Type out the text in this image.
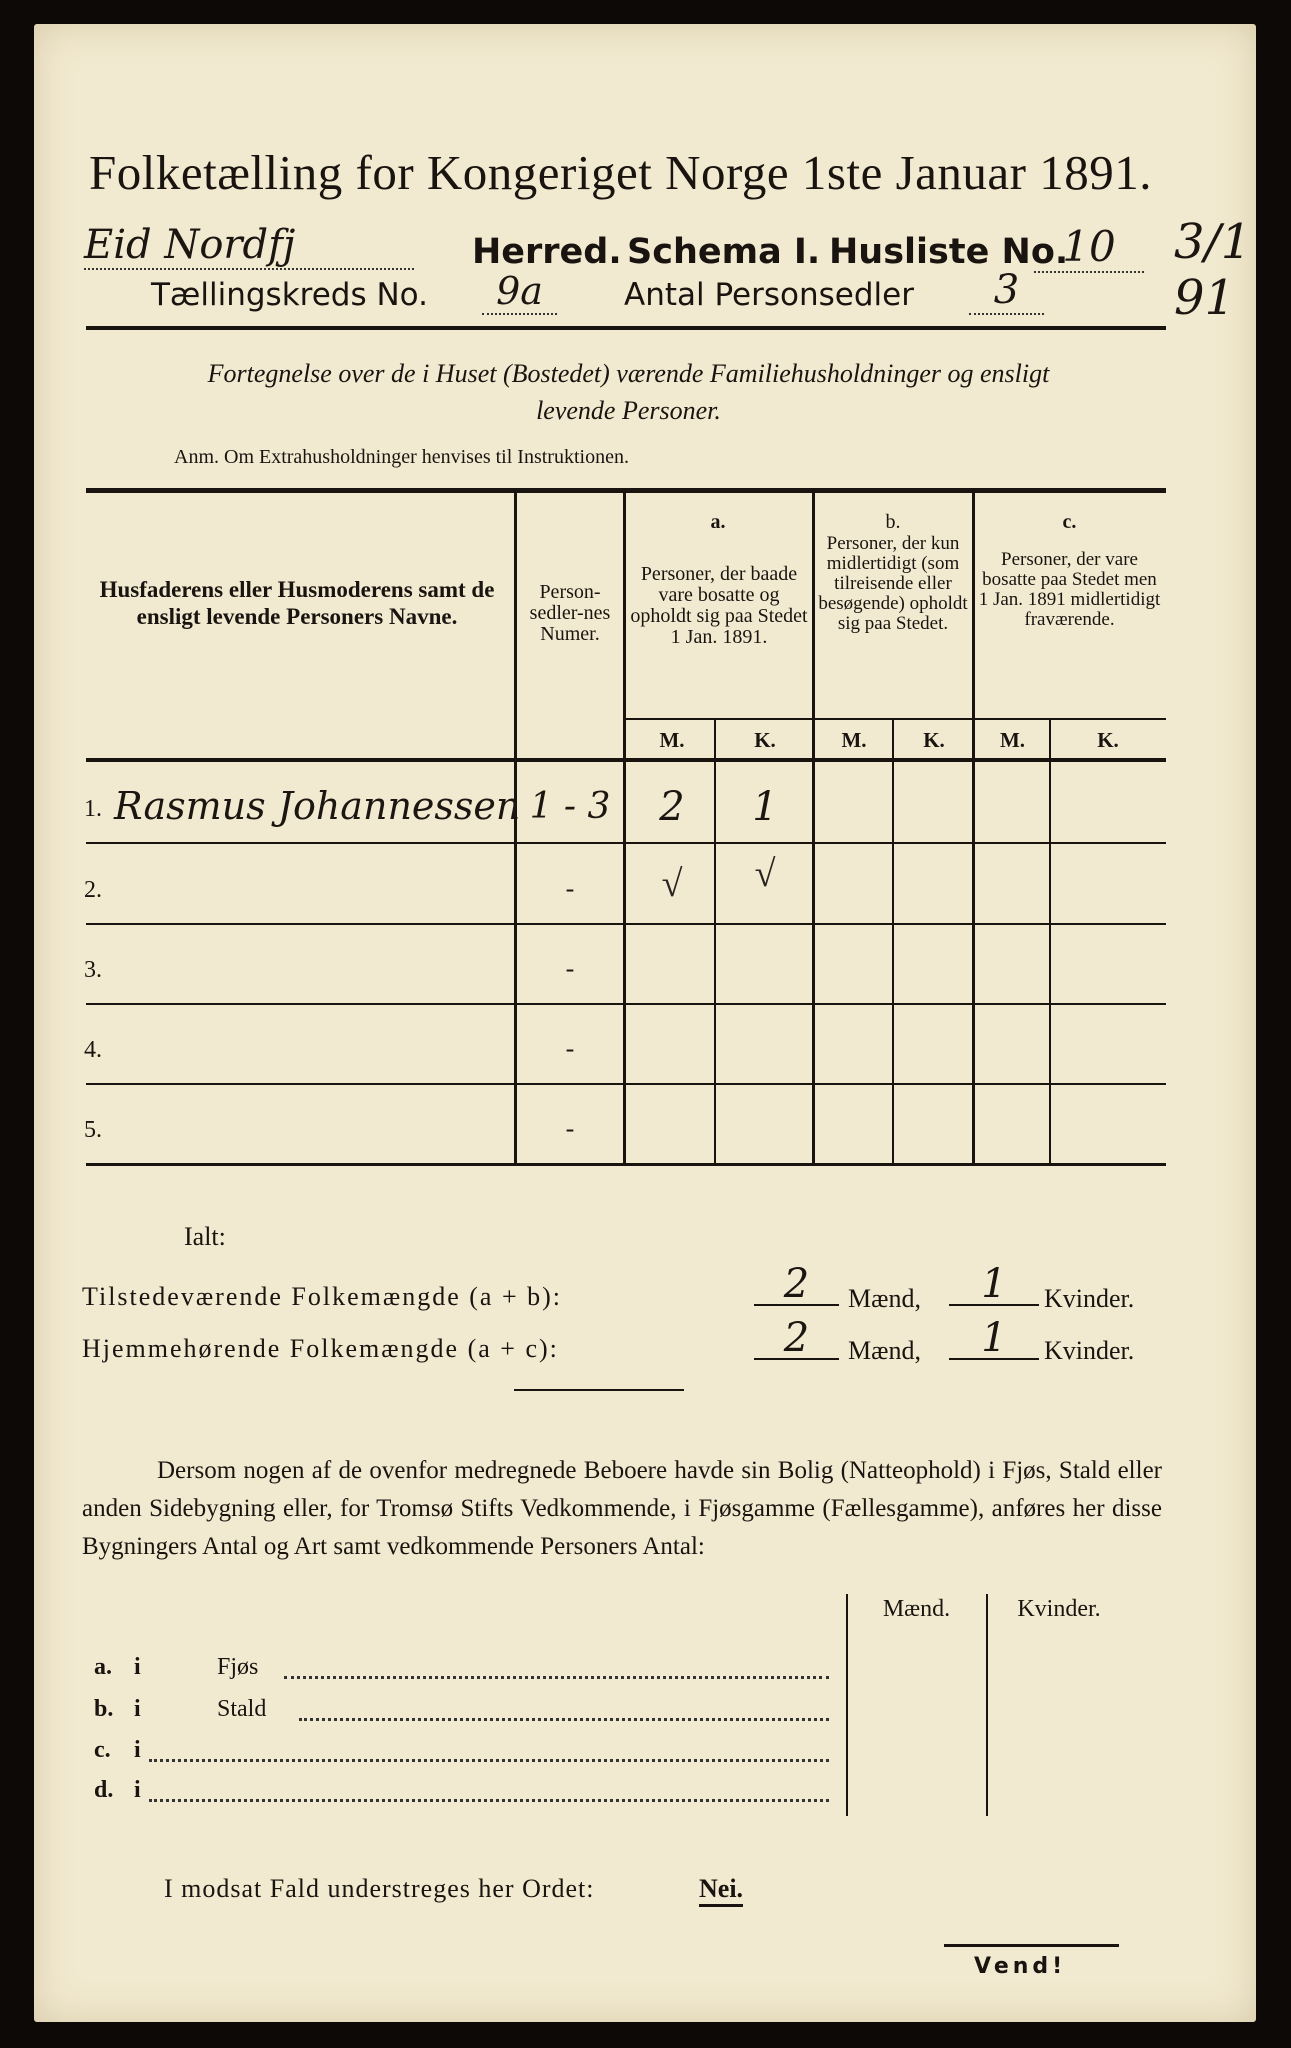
Folketælling for Kongeriget Norge 1ste Januar 1891.
Eid Nordfj	Herred. Schema I. Husliste No.
10	3/1 91
Tællingskreds No.	9a	Antal Personsedler	3
Fortegnelse over de i Huset (Bostedet) værende Familiehusholdninger og ensligt
levende Personer.
Anm. Om Extrahusholdninger henvises til Instruktionen.
Husfaderens eller Husmoderens samt de ensligt levende Personers Navne.
Person-sedler-nes Numer.
a.
Personer, der baade vare bosatte og opholdt sig paa Stedet 1 Jan. 1891.
b.
Personer, der kun midlertidigt (som tilreisende eller besøgende) opholdt sig paa Stedet.
c.
Personer, der vare bosatte paa Stedet men 1 Jan. 1891 midlertidigt fraværende.
M.	K.	M.	K.	M.	K.
1. Rasmus Johannessen 1 - 3	2	1
2.	-	√	√
3.	-
4.	-
5.	-
Ialt:
Tilstedeværende Folkemængde (a + b):	2	Mænd,	1	Kvinder.
Hjemmehørende Folkemængde (a + c):	2	Mænd,	1	Kvinder.
Dersom nogen af de ovenfor medregnede Beboere havde sin Bolig (Natteophold) i Fjøs, Stald eller anden Sidebygning eller, for Tromsø Stifts Vedkommende, i Fjøsgamme (Fællesgamme), anføres her disse Bygningers Antal og Art samt vedkommende Personers Antal:
Mænd.	Kvinder.
a. i	Fjøs
b. i	Stald
c. i
d. i
I modsat Fald understreges her Ordet:	Nei.
Vend!
